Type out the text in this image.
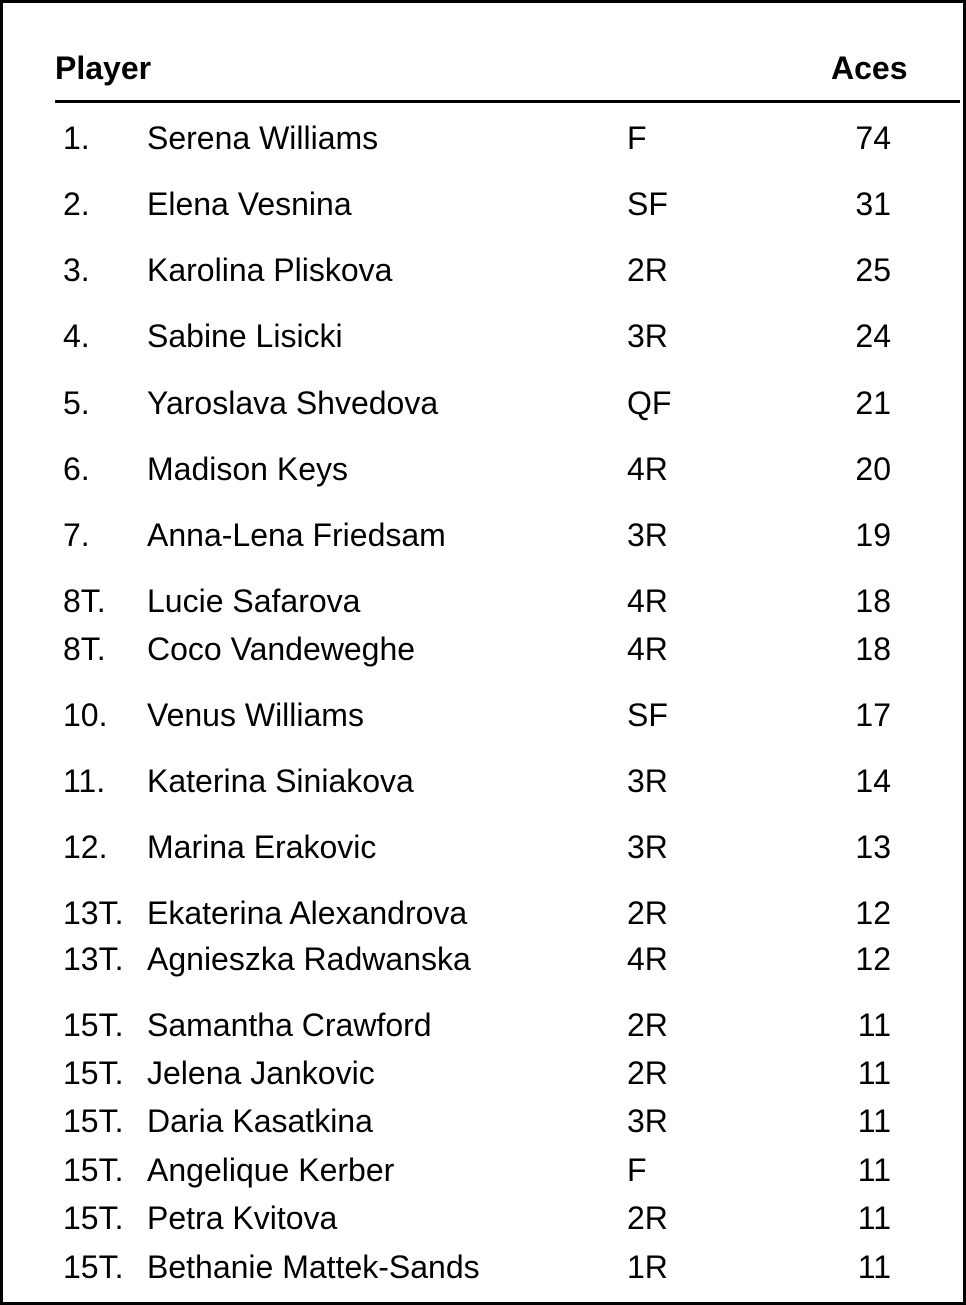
Player	Aces
1. Serena Williams	F	74
2. Elena Vesnina	SF	31
3. Karolina Pliskova	2R	25
4. Sabine Lisicki	3R	24
5. Yaroslava Shvedova	QF	21
6. Madison Keys	4R	20
7. Anna-Lena Friedsam	3R	19
8T. Lucie Safarova	4R	18
8T. Coco Vandeweghe	4R	18
10. Venus Williams	SF	17
11. Katerina Siniakova	3R	14
12. Marina Erakovic	3R	13
13T. Ekaterina Alexandrova	2R	12
13T. Agnieszka Radwanska	4R	12
15T. Samantha Crawford	2R	11
15T. Jelena Jankovic	2R	11
15T. Daria Kasatkina	3R	11
15T. Angelique Kerber	F	11
15T. Petra Kvitova	2R	11
15T. Bethanie Mattek-Sands	1R	11
